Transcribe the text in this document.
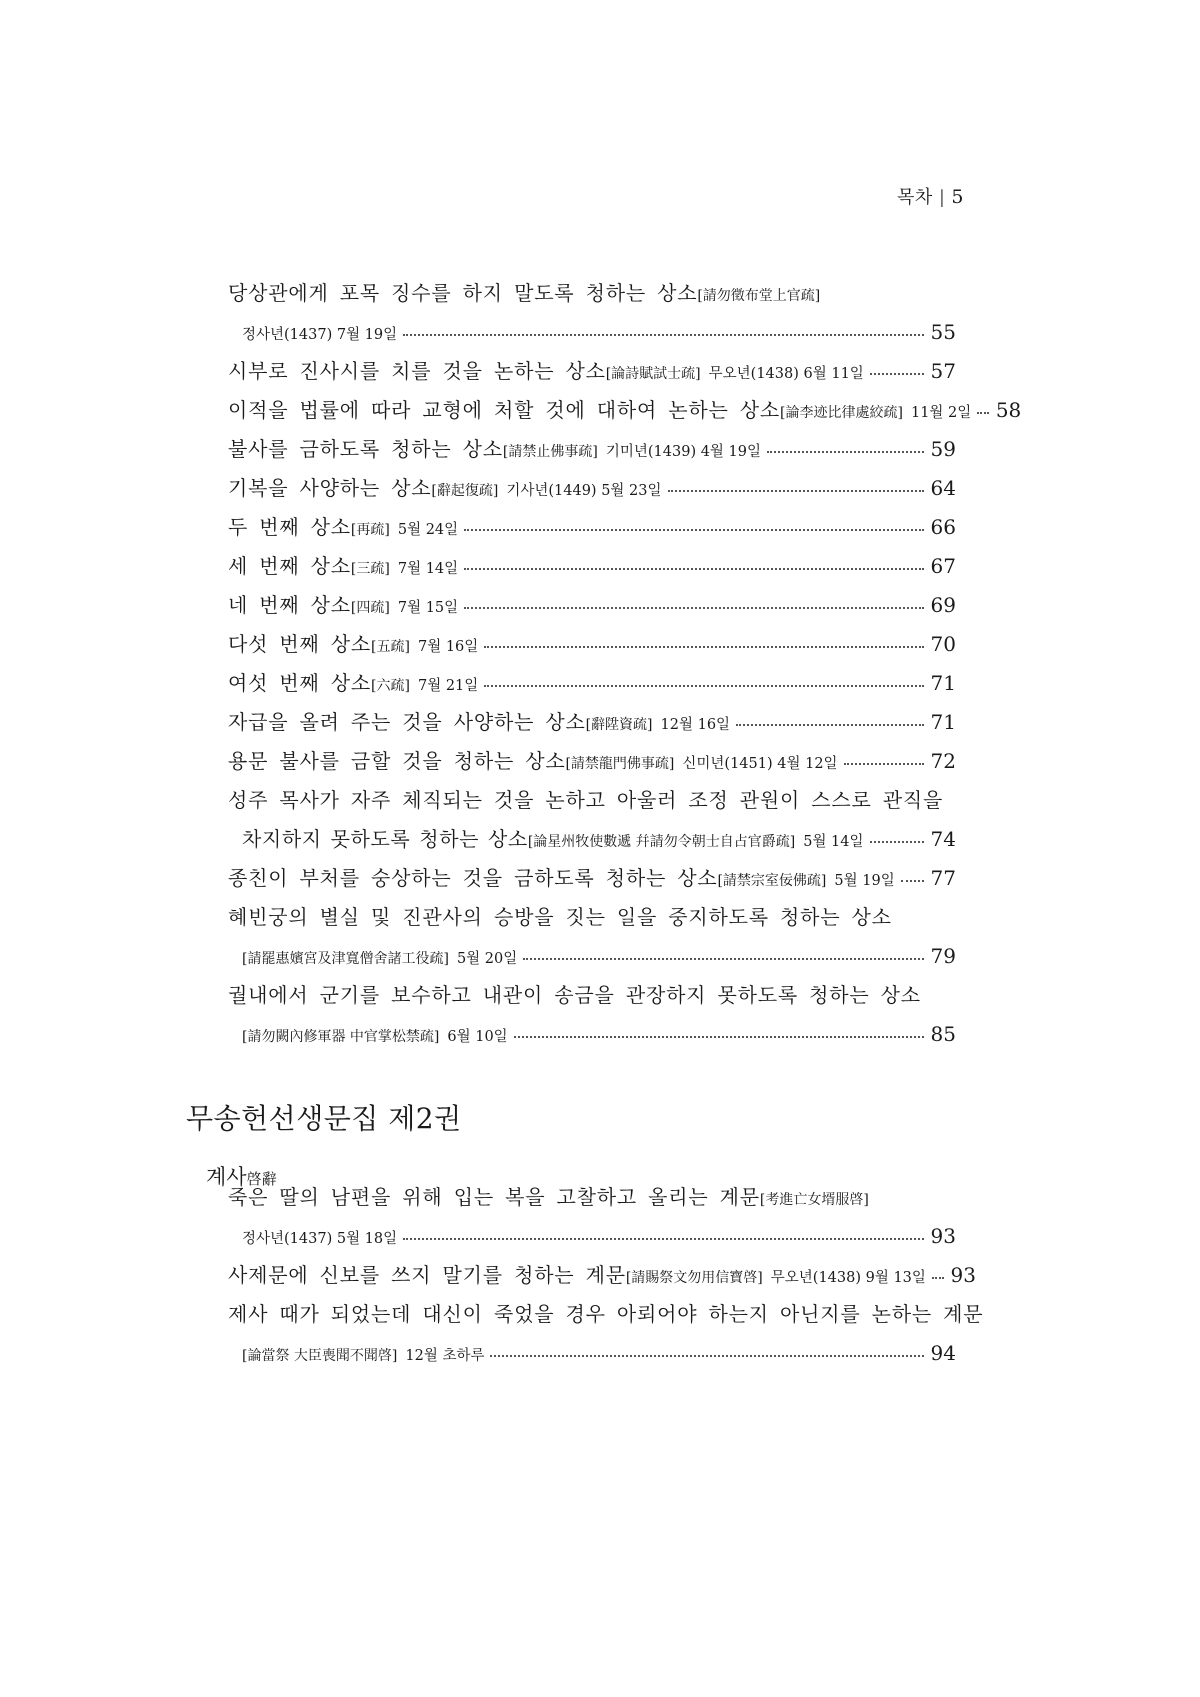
목차 | 5
당상관에게 포목 징수를 하지 말도록 청하는 상소 [請勿徵布堂上官疏]
정사년(1437) 7월 19일	55
시부로 진사시를 치를 것을 논하는 상소 [論詩賦試士疏] 무오년(1438) 6월 11일	57
이적을 법률에 따라 교형에 처할 것에 대하여 논하는 상소 [論李迹比律處絞疏] 11월 2일 58
불사를 금하도록 청하는 상소 [請禁止佛事疏] 기미년(1439) 4월 19일	59
기복을 사양하는 상소 [辭起復疏] 기사년(1449) 5월 23일	64
두 번째 상소 [再疏] 5월 24일	66
세 번째 상소 [三疏] 7월 14일	67
네 번째 상소 [四疏] 7월 15일	69
다섯 번째 상소 [五疏] 7월 16일	70
여섯 번째 상소 [六疏] 7월 21일	71
자급을 올려 주는 것을 사양하는 상소 [辭陞資疏] 12월 16일	71
용문 불사를 금할 것을 청하는 상소 [請禁龍門佛事疏] 신미년(1451) 4월 12일	72
성주 목사가 자주 체직되는 것을 논하고 아울러 조정 관원이 스스로 관직을
차지하지 못하도록 청하는 상소 [論星州牧使數遞 幷請勿令朝士自占官爵疏] 5월 14일	74
종친이 부처를 숭상하는 것을 금하도록 청하는 상소 [請禁宗室佞佛疏] 5월 19일 77
혜빈궁의 별실 및 진관사의 승방을 짓는 일을 중지하도록 청하는 상소
[請罷惠嬪宮及津寬僧舍諸工役疏] 5월 20일	79
궐내에서 군기를 보수하고 내관이 송금을 관장하지 못하도록 청하는 상소
[請勿闕內修軍器 中官掌松禁疏] 6월 10일	85
무송헌선생문집 제2권
계사啓辭
죽은 딸의 남편을 위해 입는 복을 고찰하고 올리는 계문 [考進亡女壻服啓]
정사년(1437) 5월 18일	93
사제문에 신보를 쓰지 말기를 청하는 계문 [請賜祭文勿用信寶啓] 무오년(1438) 9월 13일 93
제사 때가 되었는데 대신이 죽었을 경우 아뢰어야 하는지 아닌지를 논하는 계문
[論當祭 大臣喪聞不聞啓] 12월 초하루	94
